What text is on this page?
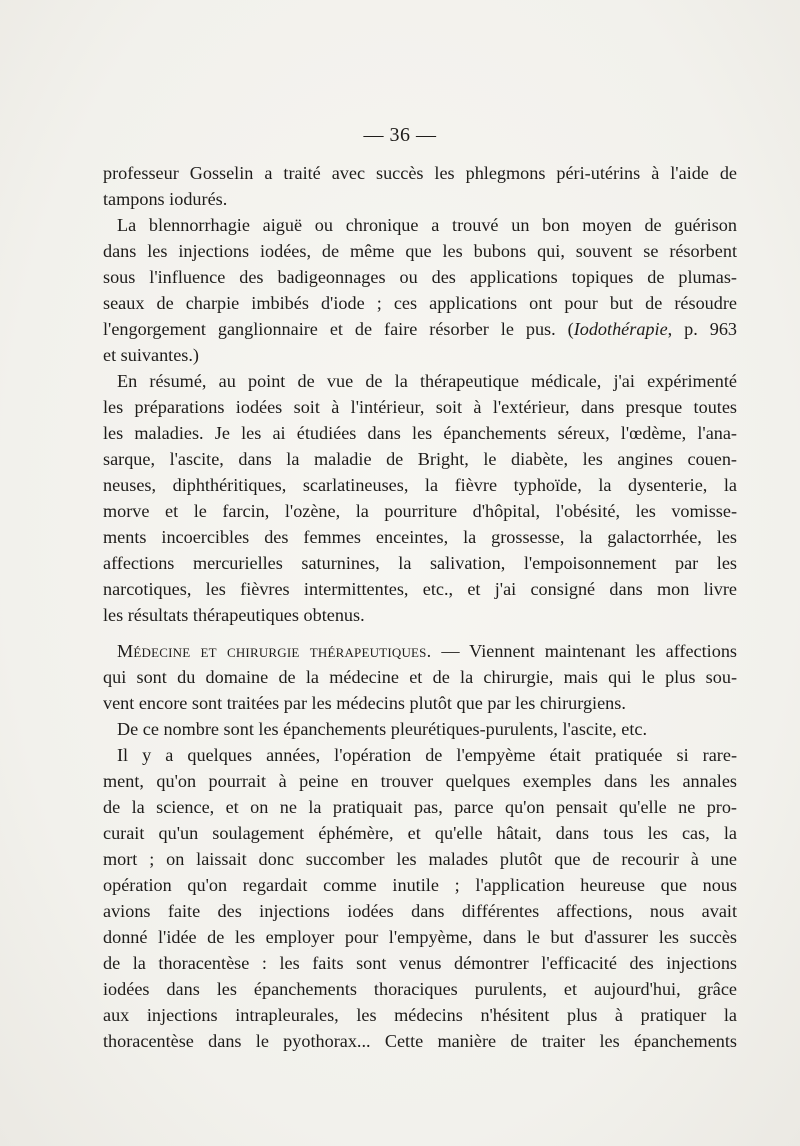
— 36 —
professeur Gosselin a traité avec succès les phlegmons péri-utérins à l'aide de
tampons iodurés.
La blennorrhagie aiguë ou chronique a trouvé un bon moyen de guérison
dans les injections iodées, de même que les bubons qui, souvent se résorbent
sous l'influence des badigeonnages ou des applications topiques de plumas-
seaux de charpie imbibés d'iode ; ces applications ont pour but de résoudre
l'engorgement ganglionnaire et de faire résorber le pus. (Iodothérapie, p. 963
et suivantes.)
En résumé, au point de vue de la thérapeutique médicale, j'ai expérimenté
les préparations iodées soit à l'intérieur, soit à l'extérieur, dans presque toutes
les maladies. Je les ai étudiées dans les épanchements séreux, l'œdème, l'ana-
sarque, l'ascite, dans la maladie de Bright, le diabète, les angines couen-
neuses, diphthéritiques, scarlatineuses, la fièvre typhoïde, la dysenterie, la
morve et le farcin, l'ozène, la pourriture d'hôpital, l'obésité, les vomisse-
ments incoercibles des femmes enceintes, la grossesse, la galactorrhée, les
affections mercurielles saturnines, la salivation, l'empoisonnement par les
narcotiques, les fièvres intermittentes, etc., et j'ai consigné dans mon livre
les résultats thérapeutiques obtenus.
Médecine et chirurgie thérapeutiques. — Viennent maintenant les affections
qui sont du domaine de la médecine et de la chirurgie, mais qui le plus sou-
vent encore sont traitées par les médecins plutôt que par les chirurgiens.
De ce nombre sont les épanchements pleurétiques-purulents, l'ascite, etc.
Il y a quelques années, l'opération de l'empyème était pratiquée si rare-
ment, qu'on pourrait à peine en trouver quelques exemples dans les annales
de la science, et on ne la pratiquait pas, parce qu'on pensait qu'elle ne pro-
curait qu'un soulagement éphémère, et qu'elle hâtait, dans tous les cas, la
mort ; on laissait donc succomber les malades plutôt que de recourir à une
opération qu'on regardait comme inutile ; l'application heureuse que nous
avions faite des injections iodées dans différentes affections, nous avait
donné l'idée de les employer pour l'empyème, dans le but d'assurer les succès
de la thoracentèse : les faits sont venus démontrer l'efficacité des injections
iodées dans les épanchements thoraciques purulents, et aujourd'hui, grâce
aux injections intrapleurales, les médecins n'hésitent plus à pratiquer la
thoracentèse dans le pyothorax... Cette manière de traiter les épanchements
